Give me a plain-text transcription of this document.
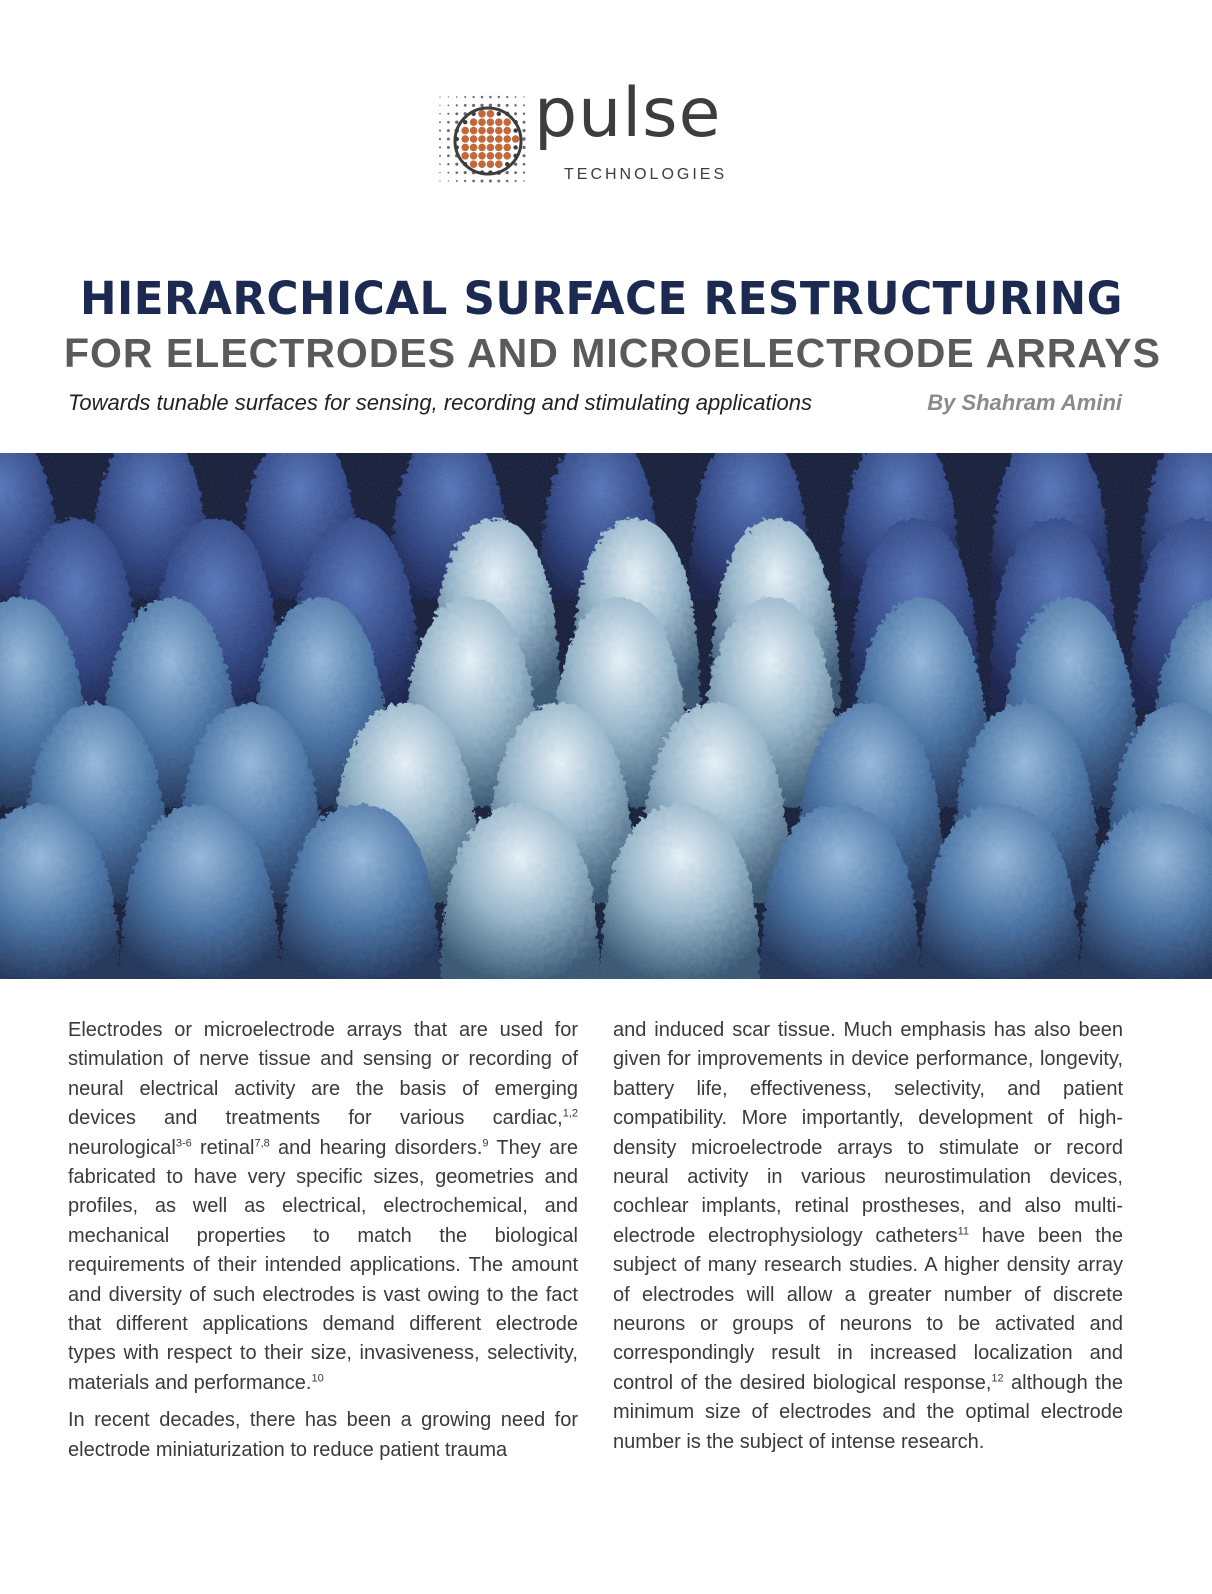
pulse
TECHNOLOGIES
HIERARCHICAL SURFACE RESTRUCTURING
FOR ELECTRODES AND MICROELECTRODE ARRAYS
Towards tunable surfaces for sensing, recording and stimulating applications	By Shahram Amini

Electrodes or microelectrode arrays that are used for stimulation of nerve tissue and sensing or recording of neural electrical activity are the basis of emerging devices and treatments for various cardiac,$^{1,2}$ neurological$^{3-6}$ retinal$^{7,8}$ and hearing disorders.$^9$ They are fabricated to have very specific sizes, geometries and profiles, as well as electrical, electrochemical, and mechanical properties to match the biological requirements of their intended applications. The amount and diversity of such electrodes is vast owing to the fact that different applications demand different electrode types with respect to their size, invasiveness, selectivity, materials and performance.$^{10}$

In recent decades, there has been a growing need for electrode miniaturization to reduce patient trauma

and induced scar tissue. Much emphasis has also been given for improvements in device performance, longevity, battery life, effectiveness, selectivity, and patient compatibility. More importantly, development of high-density microelectrode arrays to stimulate or record neural activity in various neurostimulation devices, cochlear implants, retinal prostheses, and also multi-electrode electrophysiology catheters$^{11}$ have been the subject of many research studies. A higher density array of electrodes will allow a greater number of discrete neurons or groups of neurons to be activated and correspondingly result in increased localization and control of the desired biological response,$^{12}$ although the minimum size of electrodes and the optimal electrode number is the subject of intense research.
